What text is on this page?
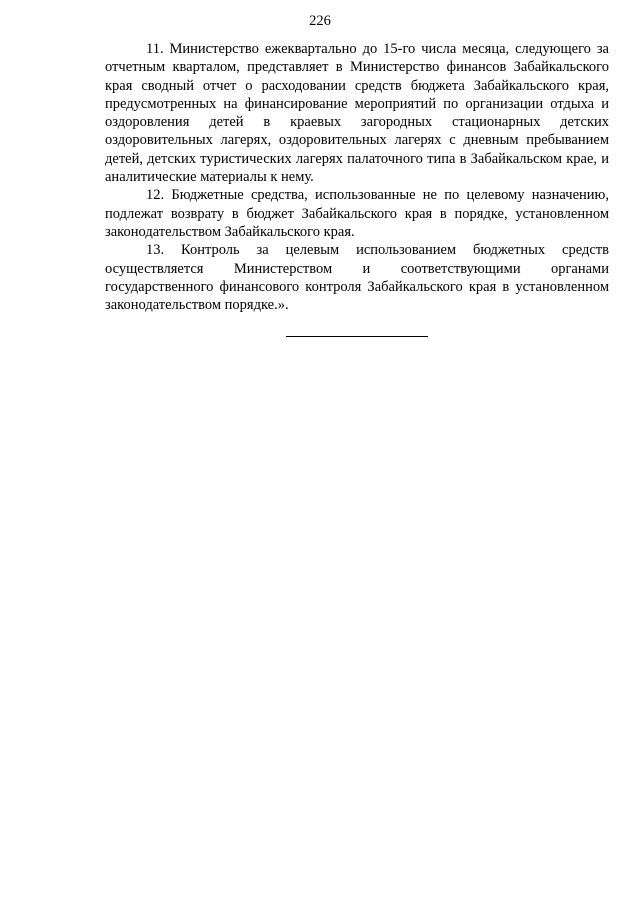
226

11. Министерство ежеквартально до 15-го числа месяца, следующего за отчетным кварталом, представляет в Министерство финансов Забайкальского края сводный отчет о расходовании средств бюджета Забайкальского края, предусмотренных на финансирование мероприятий по организации отдыха и оздоровления детей в краевых загородных стационарных детских оздоровительных лагерях, оздоровительных лагерях с дневным пребыванием детей, детских туристических лагерях палаточного типа в Забайкальском крае, и аналитические материалы к нему.

12. Бюджетные средства, использованные не по целевому назначению, подлежат возврату в бюджет Забайкальского края в порядке, установленном законодательством Забайкальского края.

13. Контроль за целевым использованием бюджетных средств осуществляется Министерством и соответствующими органами государственного финансового контроля Забайкальского края в установленном законодательством порядке.».
